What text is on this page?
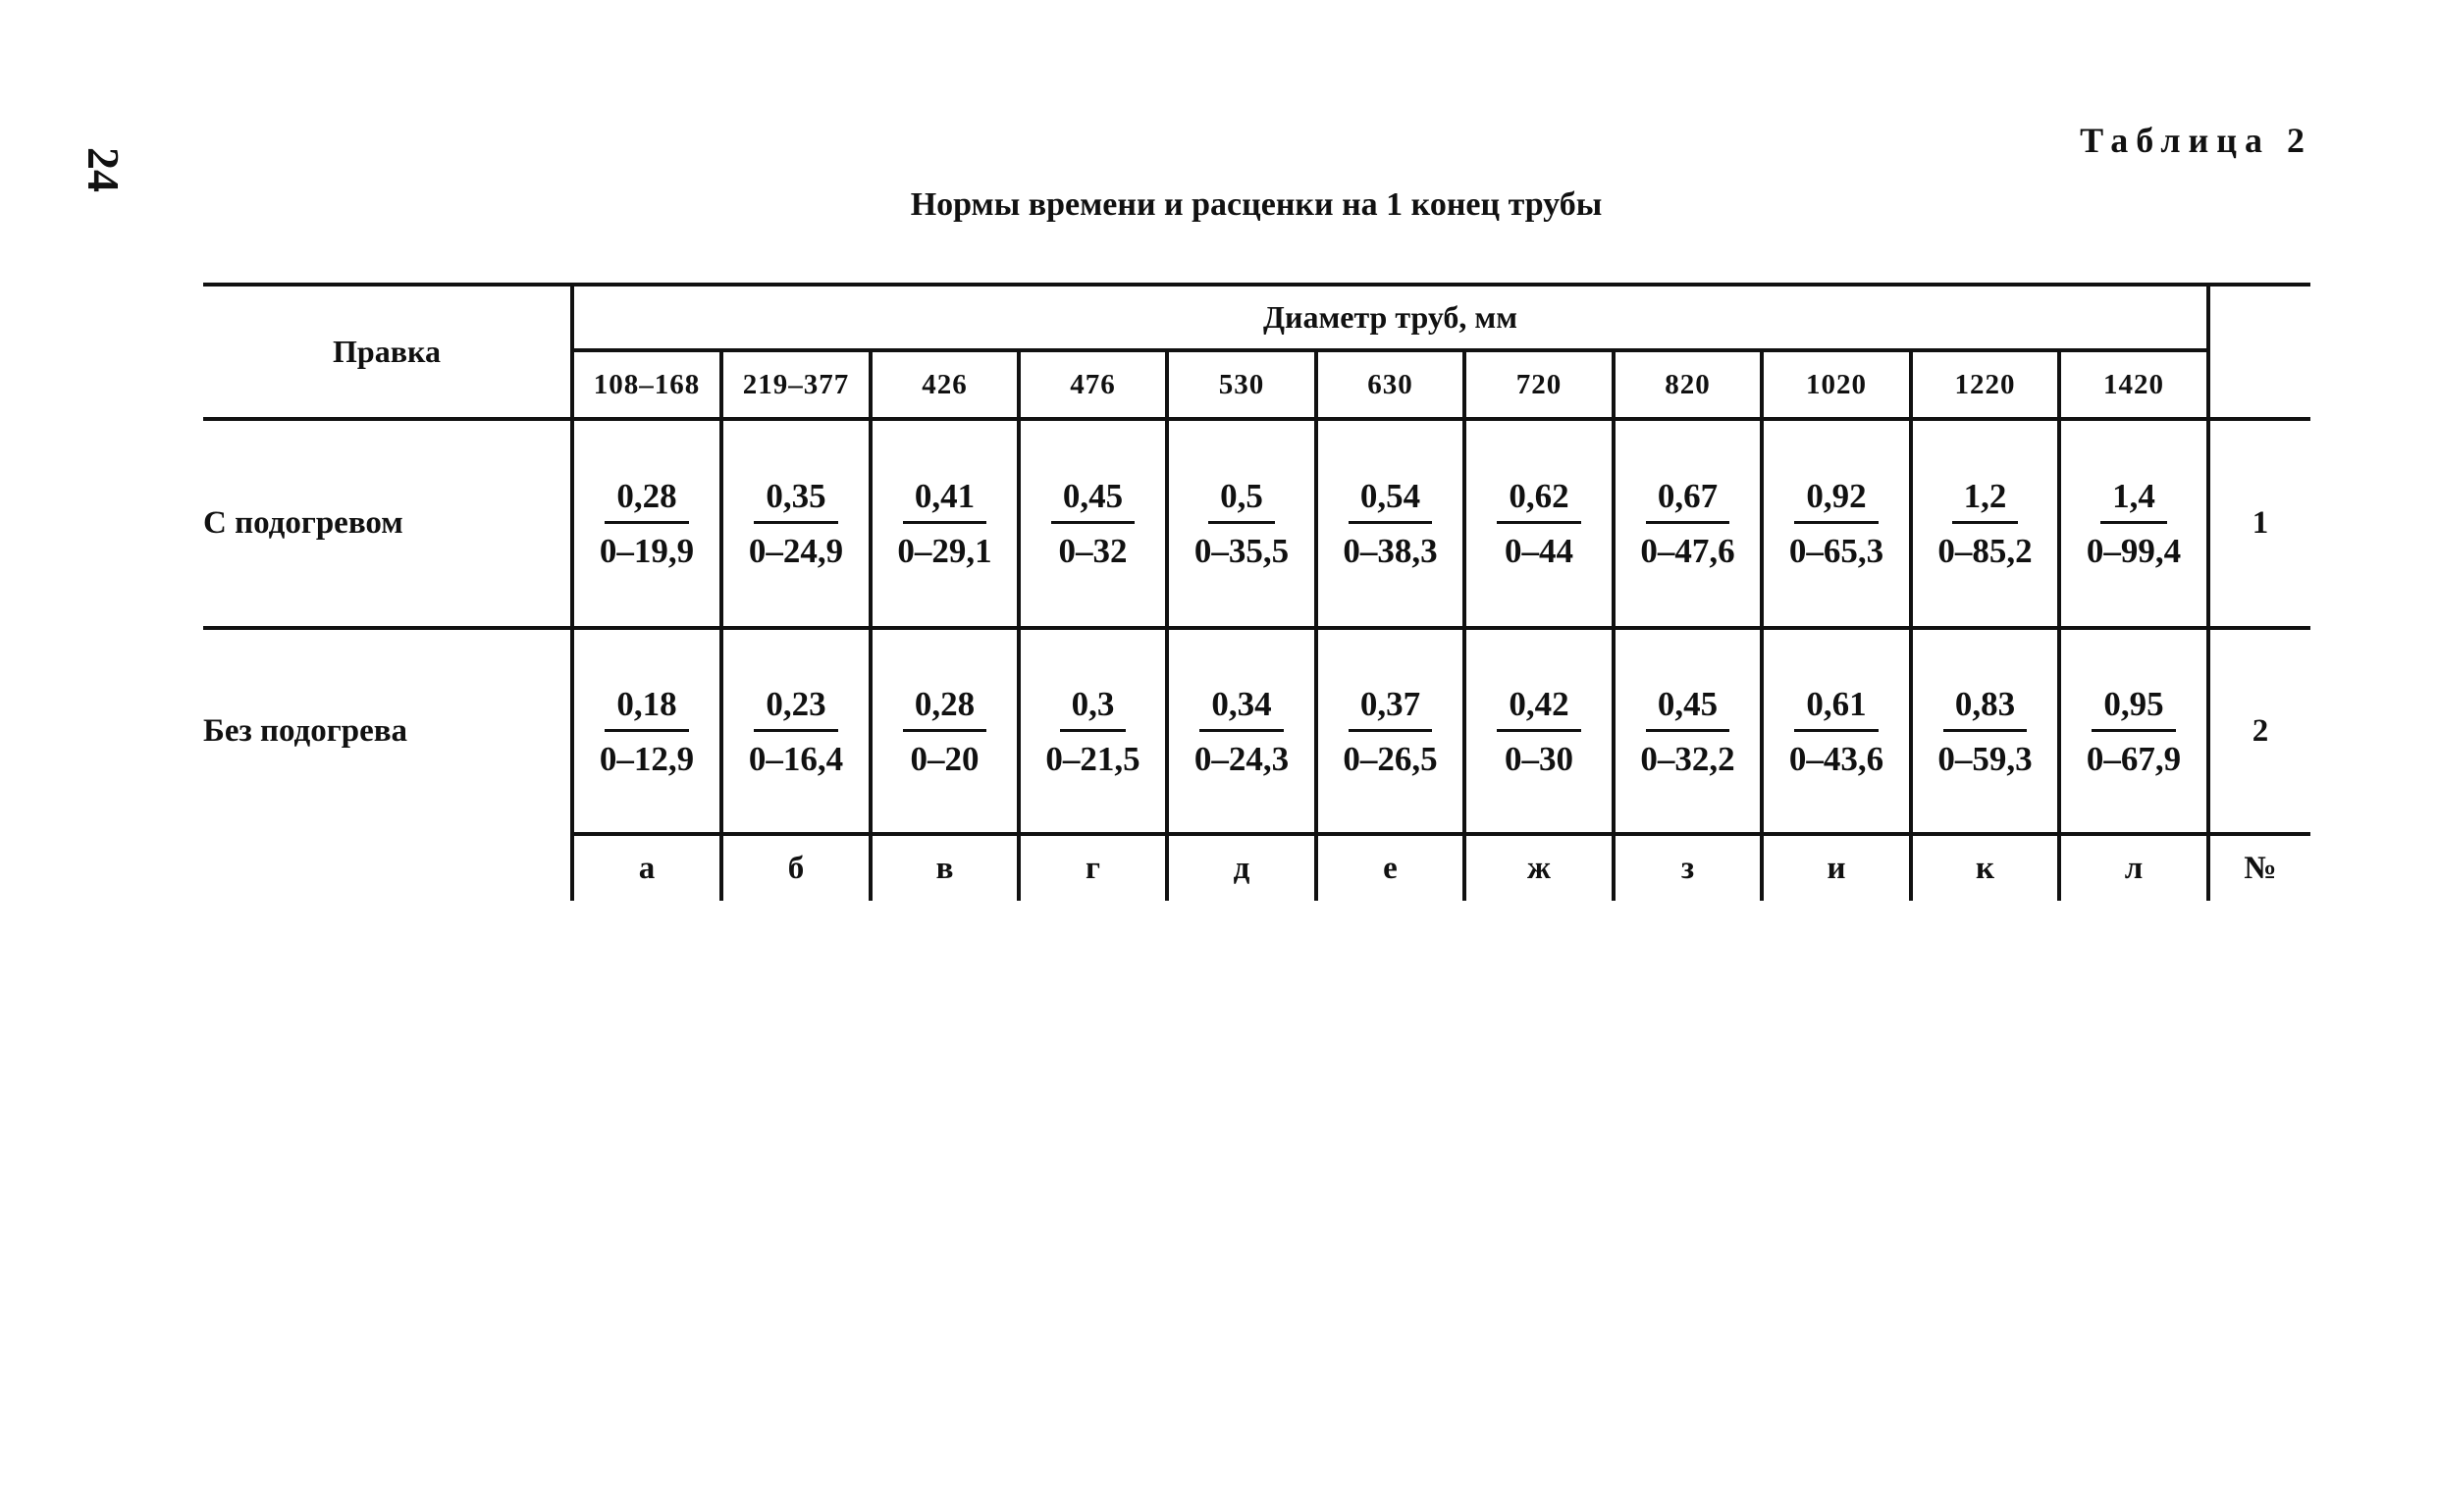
24
Таблица 2
Нормы времени и расценки на 1 конец трубы
Правка
Диаметр труб, мм
108–168	219–377	426	476	530	630	720	820	1020	1220	1420
С подогревом	$\frac{0,28}{0-19,9} \frac{0,35}{0-24,9} \frac{0,41}{0-29,1} \frac{0,45}{0-32} \frac{0,5}{0-35,5} \frac{0,54}{0-38,3} \frac{0,62}{0-44} \frac{0,67}{0-47,6} \frac{0,92}{0-65,3} \frac{1,2}{0-85,2} \frac{1,4}{0-99,4}$	1
Без подогрева	$\frac{0,18}{0-12,9} \frac{0,23}{0-16,4} \frac{0,28}{0-20} \frac{0,3}{0-21,5} \frac{0,34}{0-24,3} \frac{0,37}{0-26,5} \frac{0,42}{0-30} \frac{0,45}{0-32,2} \frac{0,61}{0-43,6} \frac{0,83}{0-59,3} \frac{0,95}{0-67,9}$	2
а	б	в	г	д	е	ж	з	и	к	л	№
